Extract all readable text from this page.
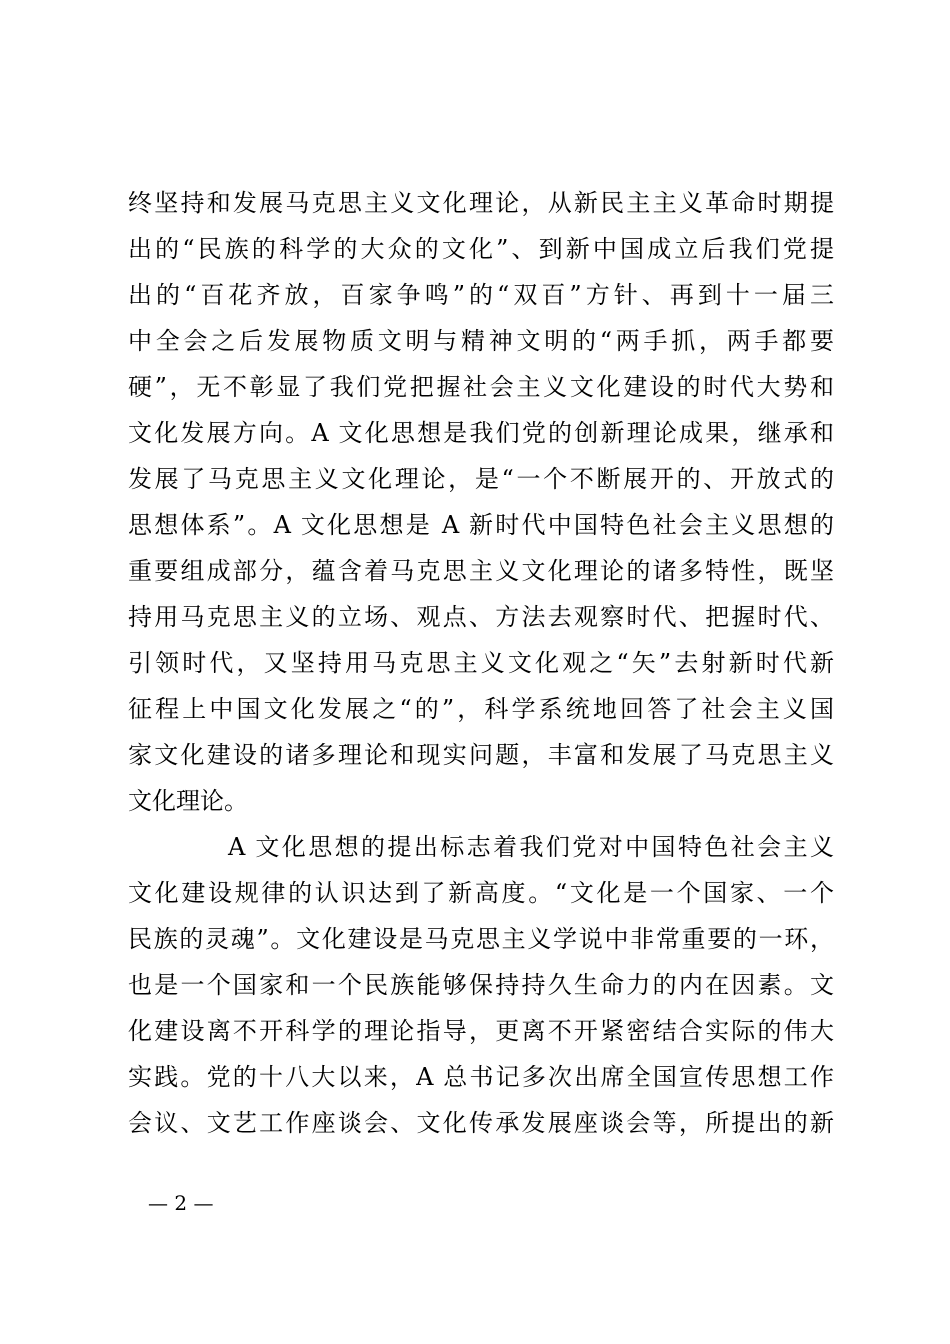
终坚持和发展马克思主义文化理论，从新民主主义革命时期提
出的“民族的科学的大众的文化”、到新中国成立后我们党提
出的“百花齐放，百家争鸣”的“双百”方针、再到十一届三
中全会之后发展物质文明与精神文明的“两手抓，两手都要
硬”，无不彰显了我们党把握社会主义文化建设的时代大势和
文化发展方向。A 文化思想是我们党的创新理论成果，继承和
发展了马克思主义文化理论，是“一个不断展开的、开放式的
思想体系”。A 文化思想是 A 新时代中国特色社会主义思想的
重要组成部分，蕴含着马克思主义文化理论的诸多特性，既坚
持用马克思主义的立场、观点、方法去观察时代、把握时代、
引领时代，又坚持用马克思主义文化观之“矢”去射新时代新
征程上中国文化发展之“的”，科学系统地回答了社会主义国
家文化建设的诸多理论和现实问题，丰富和发展了马克思主义
文化理论。
A 文化思想的提出标志着我们党对中国特色社会主义
文化建设规律的认识达到了新高度。“文化是一个国家、一个
民族的灵魂”。文化建设是马克思主义学说中非常重要的一环，
也是一个国家和一个民族能够保持持久生命力的内在因素。文
化建设离不开科学的理论指导，更离不开紧密结合实际的伟大
实践。党的十八大以来，A 总书记多次出席全国宣传思想工作
会议、文艺工作座谈会、文化传承发展座谈会等，所提出的新
— 2 —
